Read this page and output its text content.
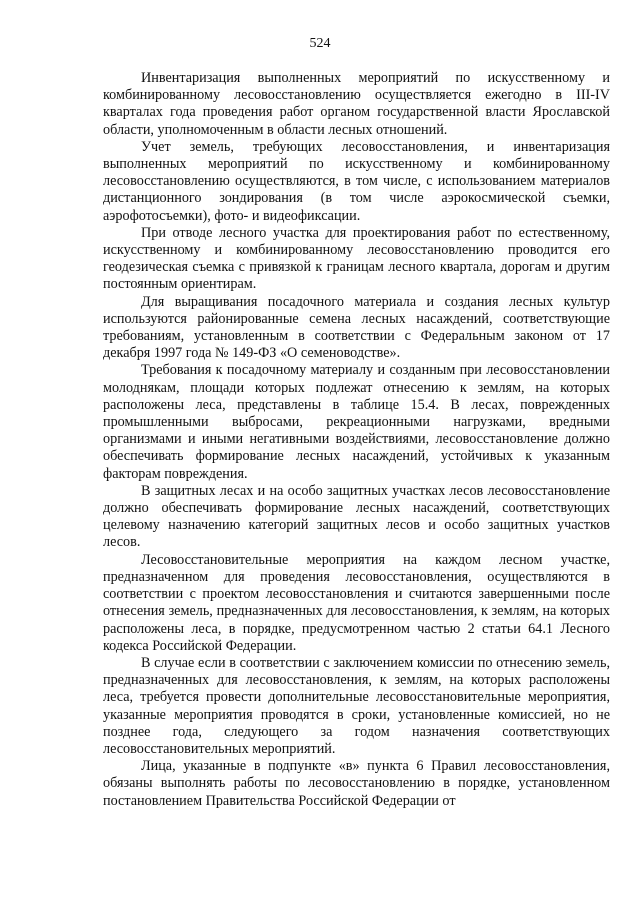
524

Инвентаризация выполненных мероприятий по искусственному и комбинированному лесовосстановлению осуществляется ежегодно в III-IV кварталах года проведения работ органом государственной власти Ярославской области, уполномоченным в области лесных отношений.

Учет земель, требующих лесовосстановления, и инвентаризация выполненных мероприятий по искусственному и комбинированному лесовосстановлению осуществляются, в том числе, с использованием материалов дистанционного зондирования (в том числе аэрокосмической съемки, аэрофотосъемки), фото- и видеофиксации.

При отводе лесного участка для проектирования работ по естественному, искусственному и комбинированному лесовосстановлению проводится его геодезическая съемка с привязкой к границам лесного квартала, дорогам и другим постоянным ориентирам.

Для выращивания посадочного материала и создания лесных культур используются районированные семена лесных насаждений, соответствующие требованиям, установленным в соответствии с Федеральным законом от 17 декабря 1997 года № 149-ФЗ «О семеноводстве».

Требования к посадочному материалу и созданным при лесовосстановлении молоднякам, площади которых подлежат отнесению к землям, на которых расположены леса, представлены в таблице 15.4. В лесах, поврежденных промышленными выбросами, рекреационными нагрузками, вредными организмами и иными негативными воздействиями, лесовосстановление должно обеспечивать формирование лесных насаждений, устойчивых к указанным факторам повреждения.

В защитных лесах и на особо защитных участках лесов лесовосстановление должно обеспечивать формирование лесных насаждений, соответствующих целевому назначению категорий защитных лесов и особо защитных участков лесов.

Лесовосстановительные мероприятия на каждом лесном участке, предназначенном для проведения лесовосстановления, осуществляются в соответствии с проектом лесовосстановления и считаются завершенными после отнесения земель, предназначенных для лесовосстановления, к землям, на которых расположены леса, в порядке, предусмотренном частью 2 статьи 64.1 Лесного кодекса Российской Федерации.

В случае если в соответствии с заключением комиссии по отнесению земель, предназначенных для лесовосстановления, к землям, на которых расположены леса, требуется провести дополнительные лесовосстановительные мероприятия, указанные мероприятия проводятся в сроки, установленные комиссией, но не позднее года, следующего за годом назначения соответствующих лесовосстановительных мероприятий.

Лица, указанные в подпункте «в» пункта 6 Правил лесовосстановления, обязаны выполнять работы по лесовосстановлению в порядке, установленном постановлением Правительства Российской Федерации от
